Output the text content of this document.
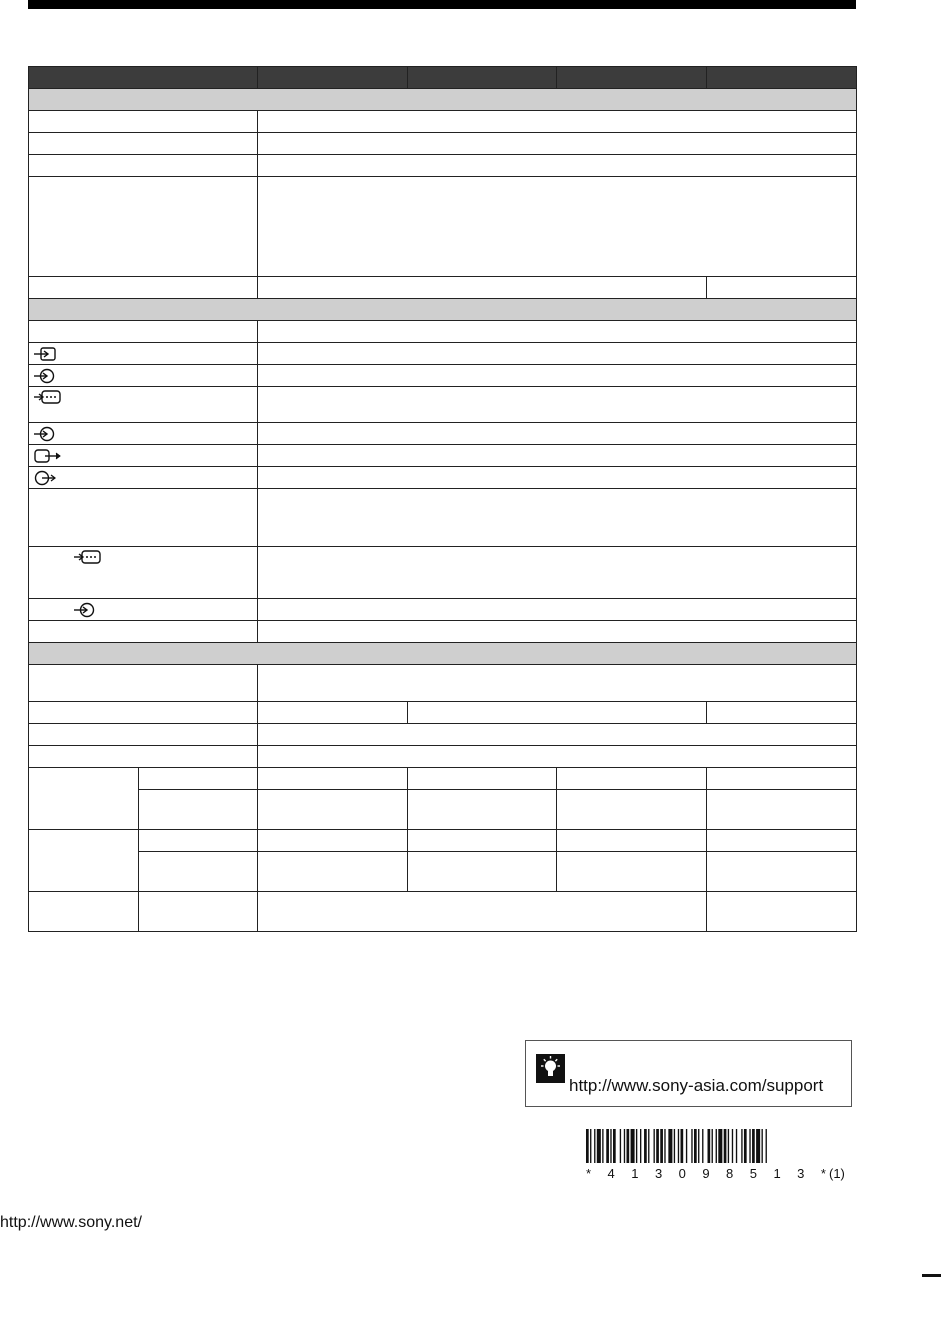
http://www.sony-asia.com/support
* 4 1 3 0 9 8 5 1 3 * (1)
http://www.sony.net/
